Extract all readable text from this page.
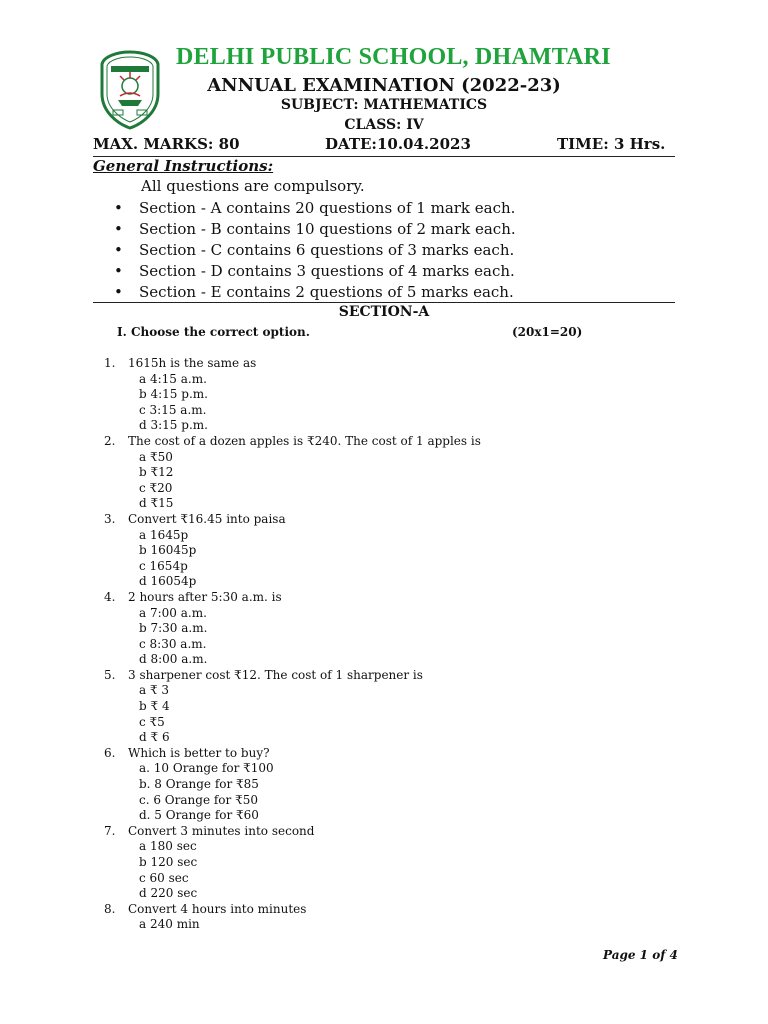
DELHI PUBLIC SCHOOL, DHAMTARI
ANNUAL EXAMINATION (2022-23)
SUBJECT: MATHEMATICS
CLASS: IV
MAX. MARKS: 80	DATE:10.04.2023	TIME: 3 Hrs.
General Instructions:
All questions are compulsory.
• Section - A contains 20 questions of 1 mark each.
• Section - B contains 10 questions of 2 mark each.
• Section - C contains 6 questions of 3 marks each.
• Section - D contains 3 questions of 4 marks each.
• Section - E contains 2 questions of 5 marks each.
SECTION-A
I. Choose the correct option.	(20x1=20)
1. 1615h is the same as
a 4:15 a.m.
b 4:15 p.m.
c 3:15 a.m.
d 3:15 p.m.
2. The cost of a dozen apples is ₹240. The cost of 1 apples is
a ₹50
b ₹12
c ₹20
d ₹15
3. Convert ₹16.45 into paisa
a 1645p
b 16045p
c 1654p
d 16054p
4. 2 hours after 5:30 a.m. is
a 7:00 a.m.
b 7:30 a.m.
c 8:30 a.m.
d 8:00 a.m.
5. 3 sharpener cost ₹12. The cost of 1 sharpener is
a ₹ 3
b ₹ 4
c ₹5
d ₹ 6
6. Which is better to buy?
a. 10 Orange for ₹100
b. 8 Orange for ₹85
c. 6 Orange for ₹50
d. 5 Orange for ₹60
7. Convert 3 minutes into second
a 180 sec
b 120 sec
c 60 sec
d 220 sec
8. Convert 4 hours into minutes
a 240 min
Page 1 of 4
